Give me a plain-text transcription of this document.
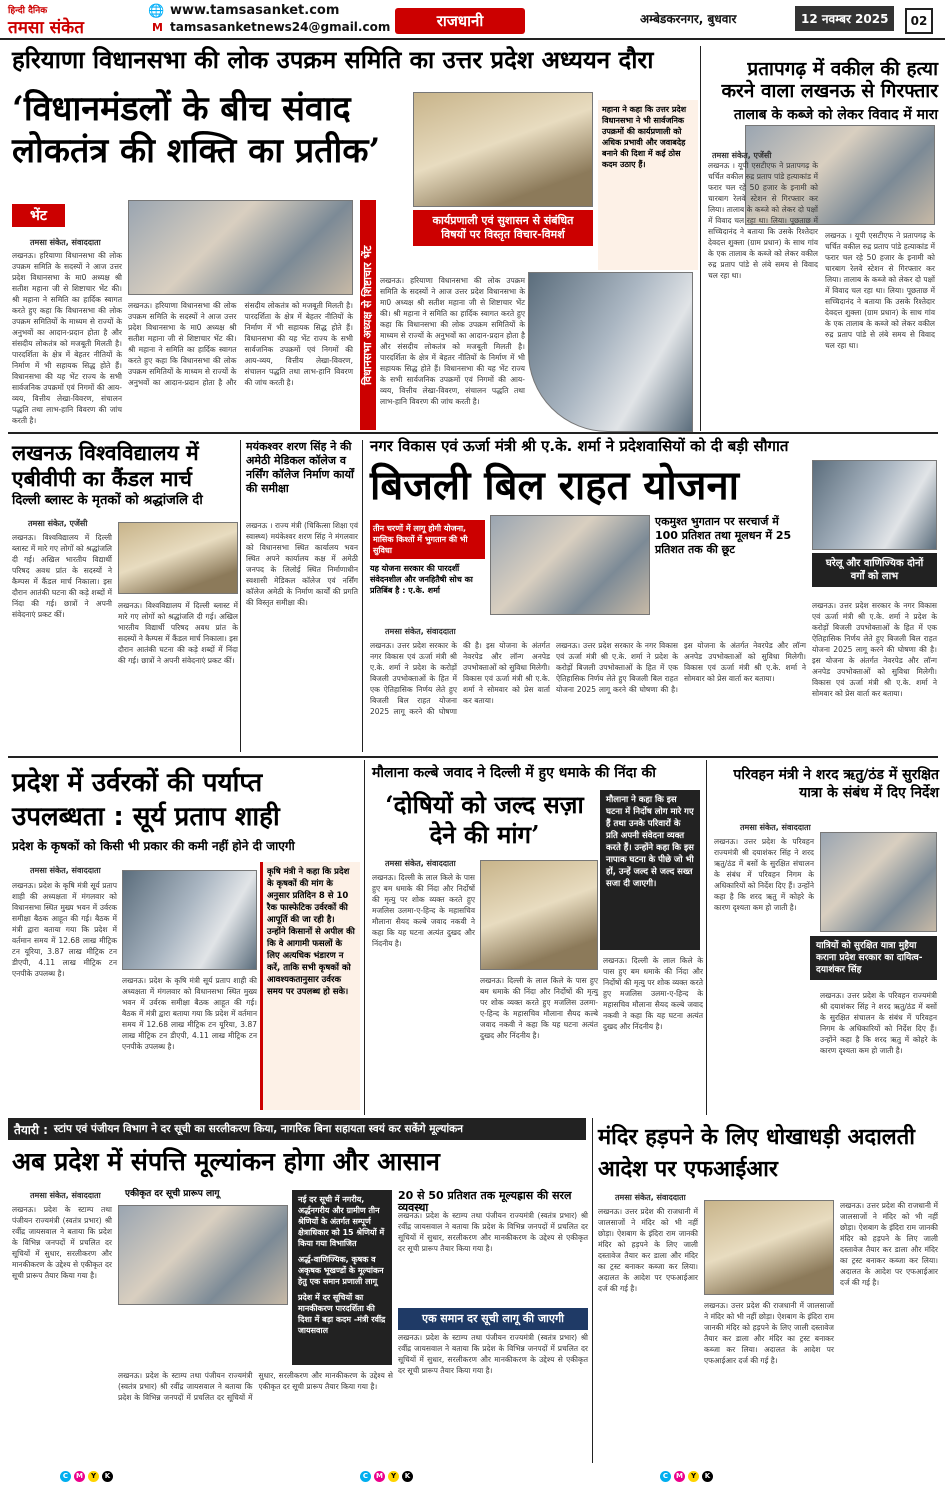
हिन्दी दैनिक
तमसा संकेत
🌐 www.tamsasanket.com
M tamsasanketnews24@gmail.com	राजधानी	अम्बेडकरनगर, बुधवार	12 नवम्बर 2025	02
हरियाणा विधानसभा की लोक उपक्रम समिति का उत्तर प्रदेश अध्ययन दौरा
‘विधानमंडलों के बीच संवाद लोकतंत्र की शक्ति का प्रतीक’
भेंट
विधानसभा अध्यक्ष से शिष्टाचार भेंट
महाना ने कहा कि उत्तर प्रदेश विधानसभा ने भी सार्वजनिक उपक्रमों की कार्यप्रणाली को अधिक प्रभावी और जवाबदेह बनाने की दिशा में कई ठोस कदम उठाए हैं।
कार्यप्रणाली एवं सुशासन से संबंधित विषयों पर विस्तृत विचार-विमर्श
तमसा संकेत, संवाददाता
लखनऊ। हरियाणा विधानसभा की लोक उपक्रम समिति के सदस्यों ने आज उत्तर प्रदेश विधानसभा के मा0 अध्यक्ष श्री सतीश महाना जी से शिष्टाचार भेंट की। श्री महाना ने समिति का हार्दिक स्वागत करते हुए कहा कि विधानसभा की लोक उपक्रम समितियों के माध्यम से राज्यों के अनुभवों का आदान-प्रदान होता है और संसदीय लोकतंत्र को मजबूती मिलती है। पारदर्शिता के क्षेत्र में बेहतर नीतियों के निर्माण में भी सहायक सिद्ध होते हैं। विधानसभा की यह भेंट राज्य के सभी सार्वजनिक उपक्रमों एवं निगमों की आय-व्यय, वित्तीय लेखा-विवरण, संचालन पद्धति तथा लाभ-हानि विवरण की जांच करती है।
लखनऊ। हरियाणा विधानसभा की लोक उपक्रम समिति के सदस्यों ने आज उत्तर प्रदेश विधानसभा के मा0 अध्यक्ष श्री सतीश महाना जी से शिष्टाचार भेंट की। श्री महाना ने समिति का हार्दिक स्वागत करते हुए कहा कि विधानसभा की लोक उपक्रम समितियों के माध्यम से राज्यों के अनुभवों का आदान-प्रदान होता है और संसदीय लोकतंत्र को मजबूती मिलती है। पारदर्शिता के क्षेत्र में बेहतर नीतियों के निर्माण में भी सहायक सिद्ध होते हैं। विधानसभा की यह भेंट राज्य के सभी सार्वजनिक उपक्रमों एवं निगमों की आय-व्यय, वित्तीय लेखा-विवरण, संचालन पद्धति तथा लाभ-हानि विवरण की जांच करती है।
लखनऊ। हरियाणा विधानसभा की लोक उपक्रम समिति के सदस्यों ने आज उत्तर प्रदेश विधानसभा के मा0 अध्यक्ष श्री सतीश महाना जी से शिष्टाचार भेंट की। श्री महाना ने समिति का हार्दिक स्वागत करते हुए कहा कि विधानसभा की लोक उपक्रम समितियों के माध्यम से राज्यों के अनुभवों का आदान-प्रदान होता है और संसदीय लोकतंत्र को मजबूती मिलती है। पारदर्शिता के क्षेत्र में बेहतर नीतियों के निर्माण में भी सहायक सिद्ध होते हैं। विधानसभा की यह भेंट राज्य के सभी सार्वजनिक उपक्रमों एवं निगमों की आय-व्यय, वित्तीय लेखा-विवरण, संचालन पद्धति तथा लाभ-हानि विवरण की जांच करती है।
प्रतापगढ़ में वकील की हत्या करने वाला लखनऊ से गिरफ्तार
तालाब के कब्जे को लेकर विवाद में मारा
तमसा संकेत, एजेंसी
लखनऊ । यूपी एसटीएफ ने प्रतापगढ़ के चर्चित वकील रुद्र प्रताप पांडे हत्याकांड में फरार चल रहे 50 हजार के इनामी को चारबाग रेलवे स्टेशन से गिरफ्तार कर लिया। तालाब के कब्जे को लेकर दो पक्षों में विवाद चल रहा था। लिया। पूछताछ में सच्चिदानंद ने बताया कि उसके रिश्तेदार देवदत्त शुक्ला (ग्राम प्रधान) के साथ गांव के एक तालाब के कब्जे को लेकर वकील रुद्र प्रताप पांडे से लंबे समय से विवाद चल रहा था।
लखनऊ । यूपी एसटीएफ ने प्रतापगढ़ के चर्चित वकील रुद्र प्रताप पांडे हत्याकांड में फरार चल रहे 50 हजार के इनामी को चारबाग रेलवे स्टेशन से गिरफ्तार कर लिया। तालाब के कब्जे को लेकर दो पक्षों में विवाद चल रहा था। लिया। पूछताछ में सच्चिदानंद ने बताया कि उसके रिश्तेदार देवदत्त शुक्ला (ग्राम प्रधान) के साथ गांव के एक तालाब के कब्जे को लेकर वकील रुद्र प्रताप पांडे से लंबे समय से विवाद चल रहा था।
लखनऊ विश्वविद्यालय में एबीवीपी का कैंडल मार्च
दिल्ली ब्लास्ट के मृतकों को श्रद्धांजलि दी
तमसा संकेत, एजेंसी
लखनऊ। विश्वविद्यालय में दिल्ली ब्लास्ट में मारे गए लोगों को श्रद्धांजलि दी गई। अखिल भारतीय विद्यार्थी परिषद अवध प्रांत के सदस्यों ने कैम्पस में कैंडल मार्च निकाला। इस दौरान आतंकी घटना की कड़े शब्दों में निंदा की गई। छात्रों ने अपनी संवेदनाएं प्रकट कीं।
लखनऊ। विश्वविद्यालय में दिल्ली ब्लास्ट में मारे गए लोगों को श्रद्धांजलि दी गई। अखिल भारतीय विद्यार्थी परिषद अवध प्रांत के सदस्यों ने कैम्पस में कैंडल मार्च निकाला। इस दौरान आतंकी घटना की कड़े शब्दों में निंदा की गई। छात्रों ने अपनी संवेदनाएं प्रकट कीं।
मयंकश्वर शरण सिंह ने की अमेठी मेडिकल कॉलेज व नर्सिंग कॉलेज निर्माण कार्यों की समीक्षा
लखनऊ । राज्य मंत्री (चिकित्सा शिक्षा एवं स्वास्थ्य) मयंकेश्वर शरण सिंह ने मंगलवार को विधानसभा स्थित कार्यालय भवन स्थित अपने कार्यालय कक्ष में अमेठी जनपद के लिलोई स्थित निर्माणाधीन स्वशासी मेडिकल कॉलेज एवं नर्सिंग कॉलेज अमेठी के निर्माण कार्यों की प्रगति की विस्तृत समीक्षा की।
नगर विकास एवं ऊर्जा मंत्री श्री ए.के. शर्मा ने प्रदेशवासियों को दी बड़ी सौगात
बिजली बिल राहत योजना
तीन चरणों में लागू होगी योजना, मासिक किश्तों में भुगतान की भी सुविधा
यह योजना सरकार की पारदर्शी संवेदनशील और जनहितैषी सोच का प्रतिबिंब है : ए.के. शर्मा
एकमुश्त भुगतान पर सरचार्ज में 100 प्रतिशत तथा मूलधन में 25 प्रतिशत तक की छूट
घरेलू और वाणिज्यिक दोनों वर्गों को लाभ
तमसा संकेत, संवाददाता
लखनऊ। उत्तर प्रदेश सरकार के नगर विकास एवं ऊर्जा मंत्री श्री ए.के. शर्मा ने प्रदेश के करोड़ों बिजली उपभोक्ताओं के हित में एक ऐतिहासिक निर्णय लेते हुए बिजली बिल राहत योजना 2025 लागू करने की घोषणा की है। इस योजना के अंतर्गत नेवरपेड और लॉन्ग अनपेड उपभोक्ताओं को सुविधा मिलेगी। विकास एवं ऊर्जा मंत्री श्री ए.के. शर्मा ने सोमवार को प्रेस वार्ता कर बताया।
लखनऊ। उत्तर प्रदेश सरकार के नगर विकास एवं ऊर्जा मंत्री श्री ए.के. शर्मा ने प्रदेश के करोड़ों बिजली उपभोक्ताओं के हित में एक ऐतिहासिक निर्णय लेते हुए बिजली बिल राहत योजना 2025 लागू करने की घोषणा की है। इस योजना के अंतर्गत नेवरपेड और लॉन्ग अनपेड उपभोक्ताओं को सुविधा मिलेगी। विकास एवं ऊर्जा मंत्री श्री ए.के. शर्मा ने सोमवार को प्रेस वार्ता कर बताया।
लखनऊ। उत्तर प्रदेश सरकार के नगर विकास एवं ऊर्जा मंत्री श्री ए.के. शर्मा ने प्रदेश के करोड़ों बिजली उपभोक्ताओं के हित में एक ऐतिहासिक निर्णय लेते हुए बिजली बिल राहत योजना 2025 लागू करने की घोषणा की है। इस योजना के अंतर्गत नेवरपेड और लॉन्ग अनपेड उपभोक्ताओं को सुविधा मिलेगी। विकास एवं ऊर्जा मंत्री श्री ए.के. शर्मा ने सोमवार को प्रेस वार्ता कर बताया।
प्रदेश में उर्वरकों की पर्याप्त उपलब्धता : सूर्य प्रताप शाही
प्रदेश के कृषकों को किसी भी प्रकार की कमी नहीं होने दी जाएगी
तमसा संकेत, संवाददाता
लखनऊ। प्रदेश के कृषि मंत्री सूर्य प्रताप शाही की अध्यक्षता में मंगलवार को विधानसभा स्थित मुख्य भवन में उर्वरक समीक्षा बैठक आहूत की गई। बैठक में मंत्री द्वारा बताया गया कि प्रदेश में वर्तमान समय में 12.68 लाख मीट्रिक टन यूरिया, 3.87 लाख मीट्रिक टन डीएपी, 4.11 लाख मीट्रिक टन एनपीके उपलब्ध है।
कृषि मंत्री ने कहा कि प्रदेश के कृषकों की मांग के अनुसार प्रतिदिन 8 से 10 रैक फास्फेटिक उर्वरकों की आपूर्ति की जा रही है। उन्होंने किसानों से अपील की कि वे आगामी फसलों के लिए अत्यधिक भंडारण न करें, ताकि सभी कृषकों को आवश्यकतानुसार उर्वरक समय पर उपलब्ध हो सके।
लखनऊ। प्रदेश के कृषि मंत्री सूर्य प्रताप शाही की अध्यक्षता में मंगलवार को विधानसभा स्थित मुख्य भवन में उर्वरक समीक्षा बैठक आहूत की गई। बैठक में मंत्री द्वारा बताया गया कि प्रदेश में वर्तमान समय में 12.68 लाख मीट्रिक टन यूरिया, 3.87 लाख मीट्रिक टन डीएपी, 4.11 लाख मीट्रिक टन एनपीके उपलब्ध है।
मौलाना कल्बे जवाद ने दिल्ली में हुए धमाके की निंदा की
‘दोषियों को जल्द सज़ा देने की मांग’
मौलाना ने कहा कि इस घटना में निर्दोष लोग मारे गए हैं तथा उनके परिवारों के प्रति अपनी संवेदना व्यक्त करते हैं। उन्होंने कहा कि इस नापाक घटना के पीछे जो भी हों, उन्हें जल्द से जल्द सख्त सजा दी जाएगी।
तमसा संकेत, संवाददाता
लखनऊ। दिल्ली के लाल किले के पास हुए बम धमाके की निंदा और निर्दोषों की मृत्यु पर शोक व्यक्त करते हुए मजलिस उलमा-ए-हिन्द के महासचिव मौलाना सैयद कल्बे जवाद नकवी ने कहा कि यह घटना अत्यंत दुखद और निंदनीय है।
लखनऊ। दिल्ली के लाल किले के पास हुए बम धमाके की निंदा और निर्दोषों की मृत्यु पर शोक व्यक्त करते हुए मजलिस उलमा-ए-हिन्द के महासचिव मौलाना सैयद कल्बे जवाद नकवी ने कहा कि यह घटना अत्यंत दुखद और निंदनीय है।
लखनऊ। दिल्ली के लाल किले के पास हुए बम धमाके की निंदा और निर्दोषों की मृत्यु पर शोक व्यक्त करते हुए मजलिस उलमा-ए-हिन्द के महासचिव मौलाना सैयद कल्बे जवाद नकवी ने कहा कि यह घटना अत्यंत दुखद और निंदनीय है।
परिवहन मंत्री ने शरद ऋतु/ठंड में सुरक्षित यात्रा के संबंध में दिए निर्देश
तमसा संकेत, संवाददाता
यात्रियों को सुरक्षित यात्रा मुहैया कराना प्रदेश सरकार का दायित्व-दयाशंकर सिंह
लखनऊ। उत्तर प्रदेश के परिवहन राज्यमंत्री श्री दयाशंकर सिंह ने शरद ऋतु/ठंड में बसों के सुरक्षित संचालन के संबंध में परिवहन निगम के अधिकारियों को निर्देश दिए हैं। उन्होंने कहा है कि शरद ऋतु में कोहरे के कारण दृश्यता कम हो जाती है।
लखनऊ। उत्तर प्रदेश के परिवहन राज्यमंत्री श्री दयाशंकर सिंह ने शरद ऋतु/ठंड में बसों के सुरक्षित संचालन के संबंध में परिवहन निगम के अधिकारियों को निर्देश दिए हैं। उन्होंने कहा है कि शरद ऋतु में कोहरे के कारण दृश्यता कम हो जाती है।
तैयारी : स्टांप एवं पंजीयन विभाग ने दर सूची का सरलीकरण किया, नागरिक बिना सहायता स्वयं कर सकेंगे मूल्यांकन
अब प्रदेश में संपत्ति मूल्यांकन होगा और आसान
तमसा संकेत, संवाददाता
लखनऊ। प्रदेश के स्टाम्प तथा पंजीयन राज्यमंत्री (स्वतंत्र प्रभार) श्री रवींद्र जायसवाल ने बताया कि प्रदेश के विभिन्न जनपदों में प्रचलित दर सूचियों में सुधार, सरलीकरण और मानकीकरण के उद्देश्य से एकीकृत दर सूची प्रारूप तैयार किया गया है।
एकीकृत दर सूची प्रारूप लागू
नई दर सूची में नगरीय, अर्द्धनगरीय और ग्रामीण तीन श्रेणियों के अंतर्गत सम्पूर्ण क्षेत्राधिकार को 15 श्रेणियों में किया गया विभाजित
अर्द्ध-वाणिज्यिक, कृषक व अकृषक भूखण्डों के मूल्यांकन हेतु एक समान प्रणाली लागू
प्रदेश में दर सूचियों का मानकीकरण पारदर्शिता की दिशा में बड़ा कदम -मंत्री रवींद्र जायसवाल
लखनऊ। प्रदेश के स्टाम्प तथा पंजीयन राज्यमंत्री (स्वतंत्र प्रभार) श्री रवींद्र जायसवाल ने बताया कि प्रदेश के विभिन्न जनपदों में प्रचलित दर सूचियों में सुधार, सरलीकरण और मानकीकरण के उद्देश्य से एकीकृत दर सूची प्रारूप तैयार किया गया है।
20 से 50 प्रतिशत तक मूल्यह्रास की सरल व्यवस्था
लखनऊ। प्रदेश के स्टाम्प तथा पंजीयन राज्यमंत्री (स्वतंत्र प्रभार) श्री रवींद्र जायसवाल ने बताया कि प्रदेश के विभिन्न जनपदों में प्रचलित दर सूचियों में सुधार, सरलीकरण और मानकीकरण के उद्देश्य से एकीकृत दर सूची प्रारूप तैयार किया गया है।
एक समान दर सूची लागू की जाएगी
लखनऊ। प्रदेश के स्टाम्प तथा पंजीयन राज्यमंत्री (स्वतंत्र प्रभार) श्री रवींद्र जायसवाल ने बताया कि प्रदेश के विभिन्न जनपदों में प्रचलित दर सूचियों में सुधार, सरलीकरण और मानकीकरण के उद्देश्य से एकीकृत दर सूची प्रारूप तैयार किया गया है।
मंदिर हड़पने के लिए धोखाधड़ी अदालती आदेश पर एफआईआर
तमसा संकेत, संवाददाता
लखनऊ। उत्तर प्रदेश की राजधानी में जालसाजों ने मंदिर को भी नहीं छोड़ा। ऐशबाग के इंदिरा राम जानकी मंदिर को हड़पने के लिए जाली दस्तावेज तैयार कर डाला और मंदिर का ट्रस्ट बनाकर कब्जा कर लिया। अदालत के आदेश पर एफआईआर दर्ज की गई है।
लखनऊ। उत्तर प्रदेश की राजधानी में जालसाजों ने मंदिर को भी नहीं छोड़ा। ऐशबाग के इंदिरा राम जानकी मंदिर को हड़पने के लिए जाली दस्तावेज तैयार कर डाला और मंदिर का ट्रस्ट बनाकर कब्जा कर लिया। अदालत के आदेश पर एफआईआर दर्ज की गई है।
लखनऊ। उत्तर प्रदेश की राजधानी में जालसाजों ने मंदिर को भी नहीं छोड़ा। ऐशबाग के इंदिरा राम जानकी मंदिर को हड़पने के लिए जाली दस्तावेज तैयार कर डाला और मंदिर का ट्रस्ट बनाकर कब्जा कर लिया। अदालत के आदेश पर एफआईआर दर्ज की गई है।
C	M	Y	K	C	M	Y	K	C	M	Y	K
